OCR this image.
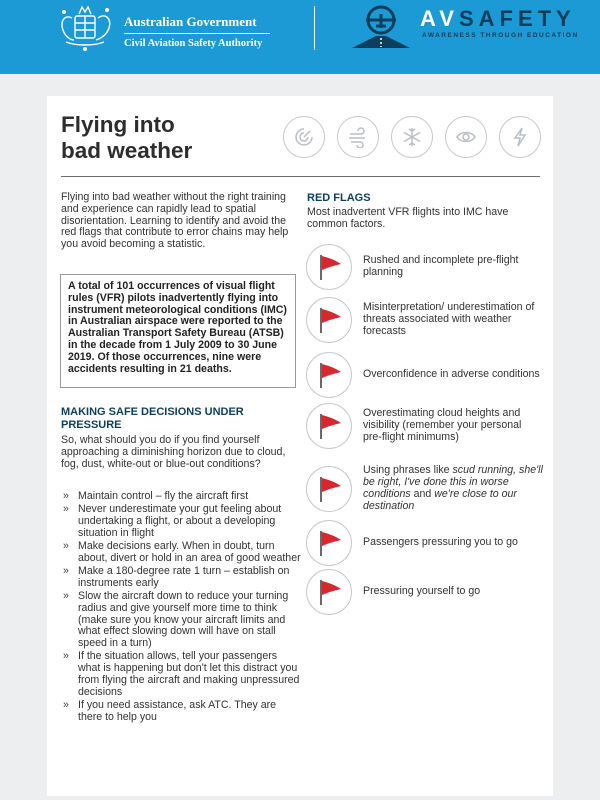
Australian Government
Civil Aviation Safety Authority
AVSAFETY
AWARENESS THROUGH EDUCATION
Flying into
bad weather

Flying into bad weather without the right training and experience can rapidly lead to spatial disorientation. Learning to identify and avoid the red flags that contribute to error chains may help you avoid becoming a statistic.

A total of 101 occurrences of visual flight rules (VFR) pilots inadvertently flying into instrument meteorological conditions (IMC) in Australian airspace were reported to the Australian Transport Safety Bureau (ATSB) in the decade from 1 July 2009 to 30 June 2019. Of those occurrences, nine were accidents resulting in 21 deaths.
MAKING SAFE DECISIONS UNDER PRESSURE

So, what should you do if you find yourself approaching a diminishing horizon due to cloud, fog, dust, white-out or blue-out conditions?

» Maintain control – fly the aircraft first
» Never underestimate your gut feeling about undertaking a flight, or about a developing situation in flight
» Make decisions early. When in doubt, turn about, divert or hold in an area of good weather
» Make a 180-degree rate 1 turn – establish on instruments early
» Slow the aircraft down to reduce your turning radius and give yourself more time to think (make sure you know your aircraft limits and what effect slowing down will have on stall speed in a turn)
» If the situation allows, tell your passengers what is happening but don't let this distract you from flying the aircraft and making unpressured decisions
» If you need assistance, ask ATC. They are there to help you
RED FLAGS

Most inadvertent VFR flights into IMC have common factors.

Rushed and incomplete pre-flight planning
Misinterpretation/ underestimation of threats associated with weather forecasts
Overconfidence in adverse conditions
Overestimating cloud heights and visibility (remember your personal pre-flight minimums)
Using phrases like scud running, she'll be right, I've done this in worse conditions and we're close to our destination
Passengers pressuring you to go
Pressuring yourself to go
